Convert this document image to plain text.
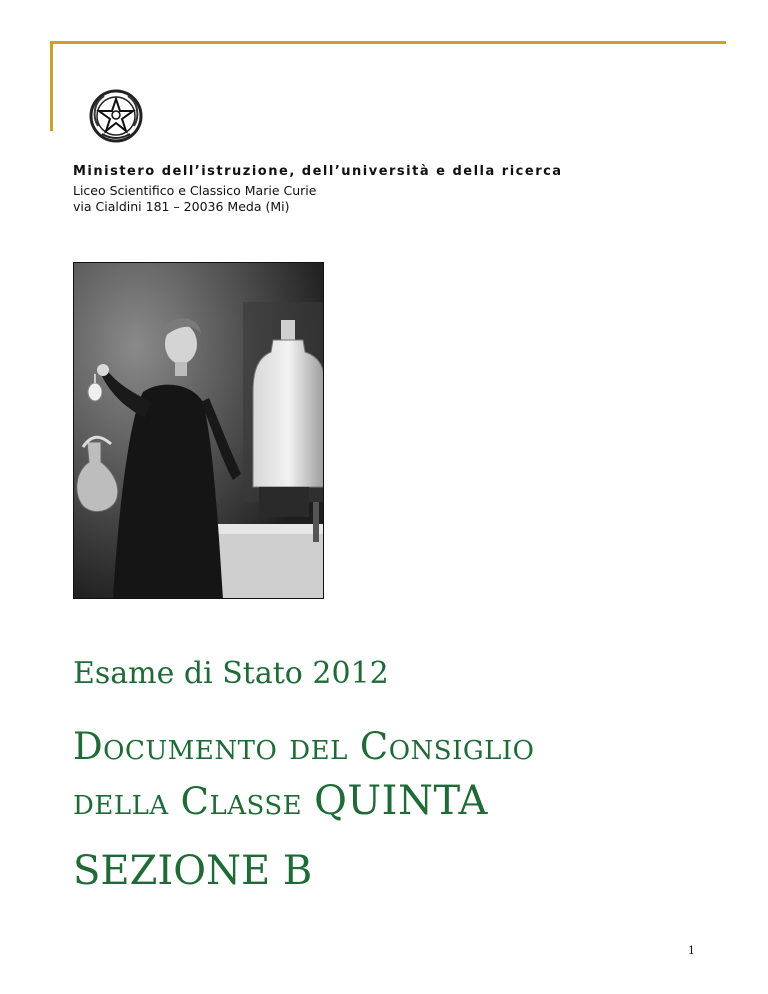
Ministero dell’istruzione, dell’università e della ricerca

Liceo Scientifico e Classico Marie Curie

via Cialdini 181 – 20036 Meda (Mi)

Esame di Stato 2012
Documento del Consiglio
della Classe QUINTA
SEZIONE B

1
